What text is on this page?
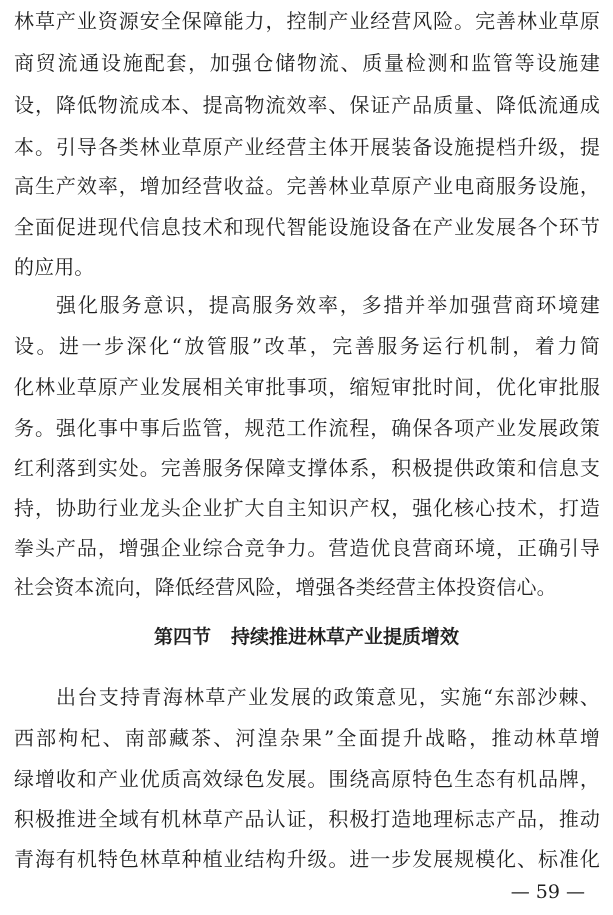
林草产业资源安全保障能力，控制产业经营风险。完善林业草原
商贸流通设施配套，加强仓储物流、质量检测和监管等设施建
设，降低物流成本、提高物流效率、保证产品质量、降低流通成
本。引导各类林业草原产业经营主体开展装备设施提档升级，提
高生产效率，增加经营收益。完善林业草原产业电商服务设施，
全面促进现代信息技术和现代智能设施设备在产业发展各个环节
的应用。
强化服务意识，提高服务效率，多措并举加强营商环境建
设。进一步深化“放管服”改革，完善服务运行机制，着力简
化林业草原产业发展相关审批事项，缩短审批时间，优化审批服
务。强化事中事后监管，规范工作流程，确保各项产业发展政策
红利落到实处。完善服务保障支撑体系，积极提供政策和信息支
持，协助行业龙头企业扩大自主知识产权，强化核心技术，打造
拳头产品，增强企业综合竞争力。营造优良营商环境，正确引导
社会资本流向，降低经营风险，增强各类经营主体投资信心。
第四节 持续推进林草产业提质增效
出台支持青海林草产业发展的政策意见，实施“东部沙棘、
西部枸杞、南部藏茶、河湟杂果”全面提升战略，推动林草增
绿增收和产业优质高效绿色发展。围绕高原特色生态有机品牌，
积极推进全域有机林草产品认证，积极打造地理标志产品，推动
青海有机特色林草种植业结构升级。进一步发展规模化、标准化
— 59 —
